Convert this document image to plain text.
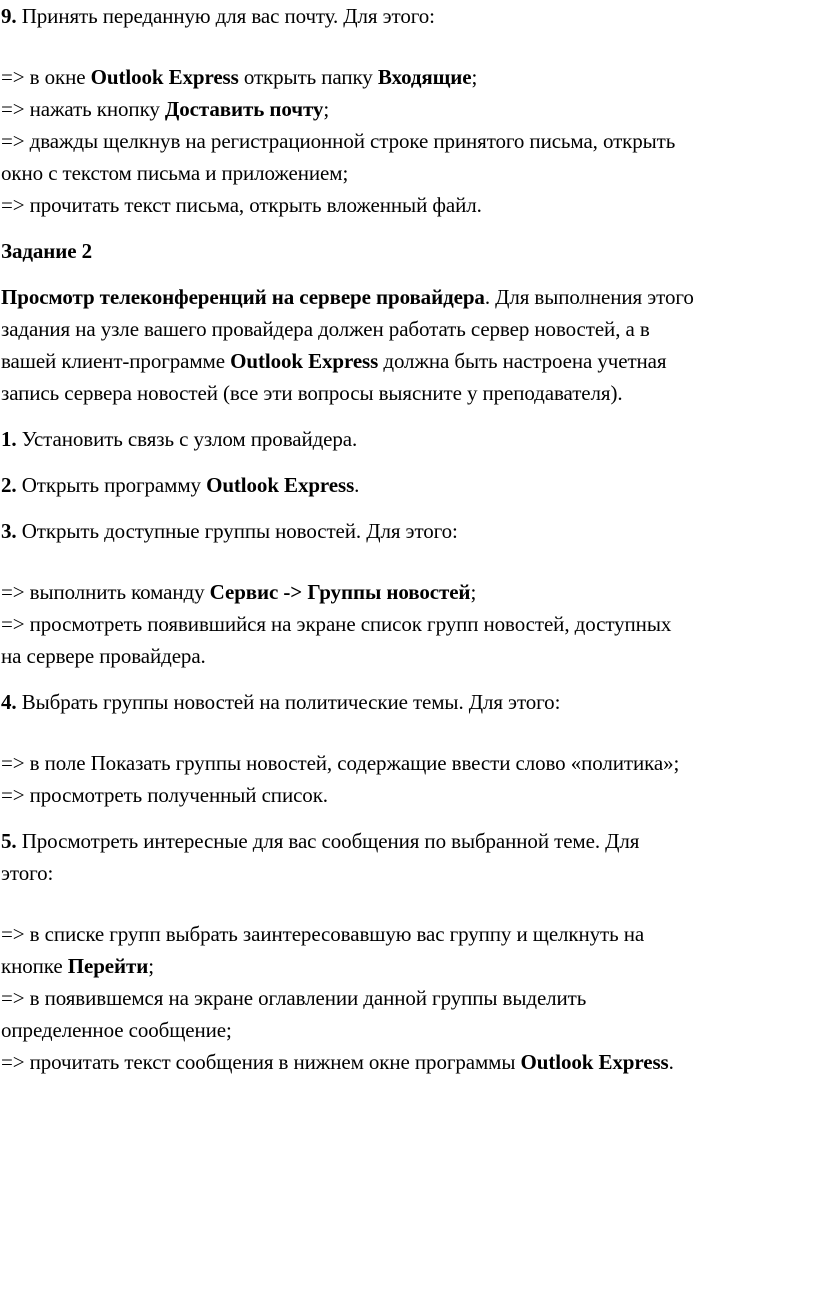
9. Принять переданную для вас почту. Для этого:
=> в окне Outlook Express открыть папку Входящие;
=> нажать кнопку Доставить почту;
=> дважды щелкнув на регистрационной строке принятого письма, открыть
окно с текстом письма и приложением;
=> прочитать текст письма, открыть вложенный файл.
Задание 2
Просмотр телеконференций на сервере провайдера. Для выполнения этого
задания на узле вашего провайдера должен работать сервер новостей, а в
вашей клиент-программе Outlook Express должна быть настроена учетная
запись сервера новостей (все эти вопросы выясните у преподавателя).
1. Установить связь с узлом провайдера.
2. Открыть программу Outlook Express.
3. Открыть доступные группы новостей. Для этого:
=> выполнить команду Сервис -> Группы новостей;
=> просмотреть появившийся на экране список групп новостей, доступных
на сервере провайдера.
4. Выбрать группы новостей на политические темы. Для этого:
=> в поле Показать группы новостей, содержащие ввести слово «политика»;
=> просмотреть полученный список.
5. Просмотреть интересные для вас сообщения по выбранной теме. Для
этого:
=> в списке групп выбрать заинтересовавшую вас группу и щелкнуть на
кнопке Перейти;
=> в появившемся на экране оглавлении данной группы выделить
определенное сообщение;
=> прочитать текст сообщения в нижнем окне программы Outlook Express.
